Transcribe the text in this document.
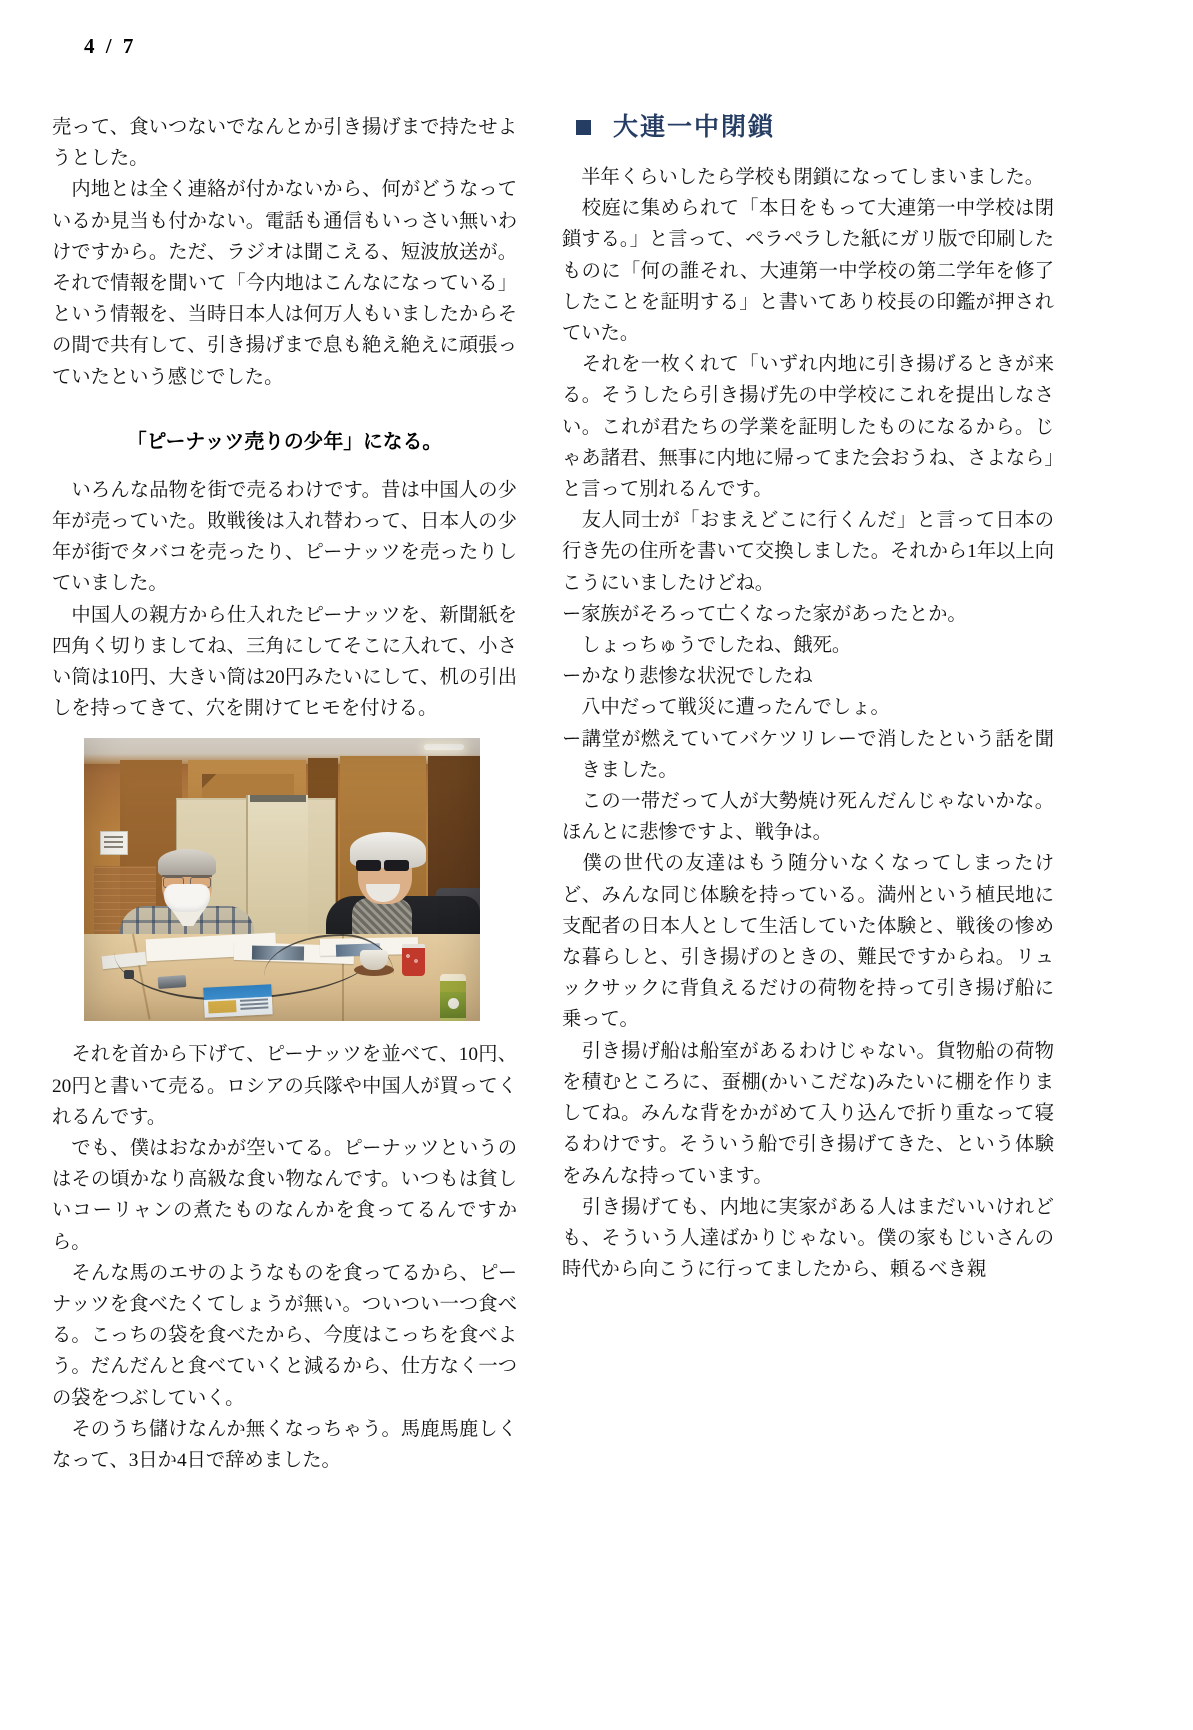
4 / 7

売って、食いつないでなんとか引き揚げまで持たせようとした。

　内地とは全く連絡が付かないから、何がどうなっているか見当も付かない。電話も通信もいっさい無いわけですから。ただ、ラジオは聞こえる、短波放送が。それで情報を聞いて「今内地はこんなになっている」という情報を、当時日本人は何万人もいましたからその間で共有して、引き揚げまで息も絶え絶えに頑張っていたという感じでした。

「ピーナッツ売りの少年」になる。

　いろんな品物を街で売るわけです。昔は中国人の少年が売っていた。敗戦後は入れ替わって、日本人の少年が街でタバコを売ったり、ピーナッツを売ったりしていました。

　中国人の親方から仕入れたピーナッツを、新聞紙を四角く切りましてね、三角にしてそこに入れて、小さい筒は10円、大きい筒は20円みたいにして、机の引出しを持ってきて、穴を開けてヒモを付ける。

　それを首から下げて、ピーナッツを並べて、10円、20円と書いて売る。ロシアの兵隊や中国人が買ってくれるんです。

　でも、僕はおなかが空いてる。ピーナッツというのはその頃かなり高級な食い物なんです。いつもは貧しいコーリャンの煮たものなんかを食ってるんですから。

　そんな馬のエサのようなものを食ってるから、ピーナッツを食べたくてしょうが無い。ついつい一つ食べる。こっちの袋を食べたから、今度はこっちを食べよう。だんだんと食べていくと減るから、仕方なく一つの袋をつぶしていく。

　そのうち儲けなんか無くなっちゃう。馬鹿馬鹿しくなって、3日か4日で辞めました。

大連一中閉鎖

　半年くらいしたら学校も閉鎖になってしまいました。

　校庭に集められて「本日をもって大連第一中学校は閉鎖する。」と言って、ペラペラした紙にガリ版で印刷したものに「何の誰それ、大連第一中学校の第二学年を修了したことを証明する」と書いてあり校長の印鑑が押されていた。

　それを一枚くれて「いずれ内地に引き揚げるときが来る。そうしたら引き揚げ先の中学校にこれを提出しなさい。これが君たちの学業を証明したものになるから。じゃあ諸君、無事に内地に帰ってまた会おうね、さよなら」と言って別れるんです。

　友人同士が「おまえどこに行くんだ」と言って日本の行き先の住所を書いて交換しました。それから1年以上向こうにいましたけどね。

ー家族がそろって亡くなった家があったとか。

　しょっちゅうでしたね、餓死。

ーかなり悲惨な状況でしたね

　八中だって戦災に遭ったんでしょ。

ー講堂が燃えていてバケツリレーで消したという話を聞きました。

　この一帯だって人が大勢焼け死んだんじゃないかな。ほんとに悲惨ですよ、戦争は。

　僕の世代の友達はもう随分いなくなってしまったけど、みんな同じ体験を持っている。満州という植民地に支配者の日本人として生活していた体験と、戦後の惨めな暮らしと、引き揚げのときの、難民ですからね。リュックサックに背負えるだけの荷物を持って引き揚げ船に乗って。

　引き揚げ船は船室があるわけじゃない。貨物船の荷物を積むところに、蚕棚(かいこだな)みたいに棚を作りましてね。みんな背をかがめて入り込んで折り重なって寝るわけです。そういう船で引き揚げてきた、という体験をみんな持っています。

　引き揚げても、内地に実家がある人はまだいいけれども、そういう人達ばかりじゃない。僕の家もじいさんの時代から向こうに行ってましたから、頼るべき親
